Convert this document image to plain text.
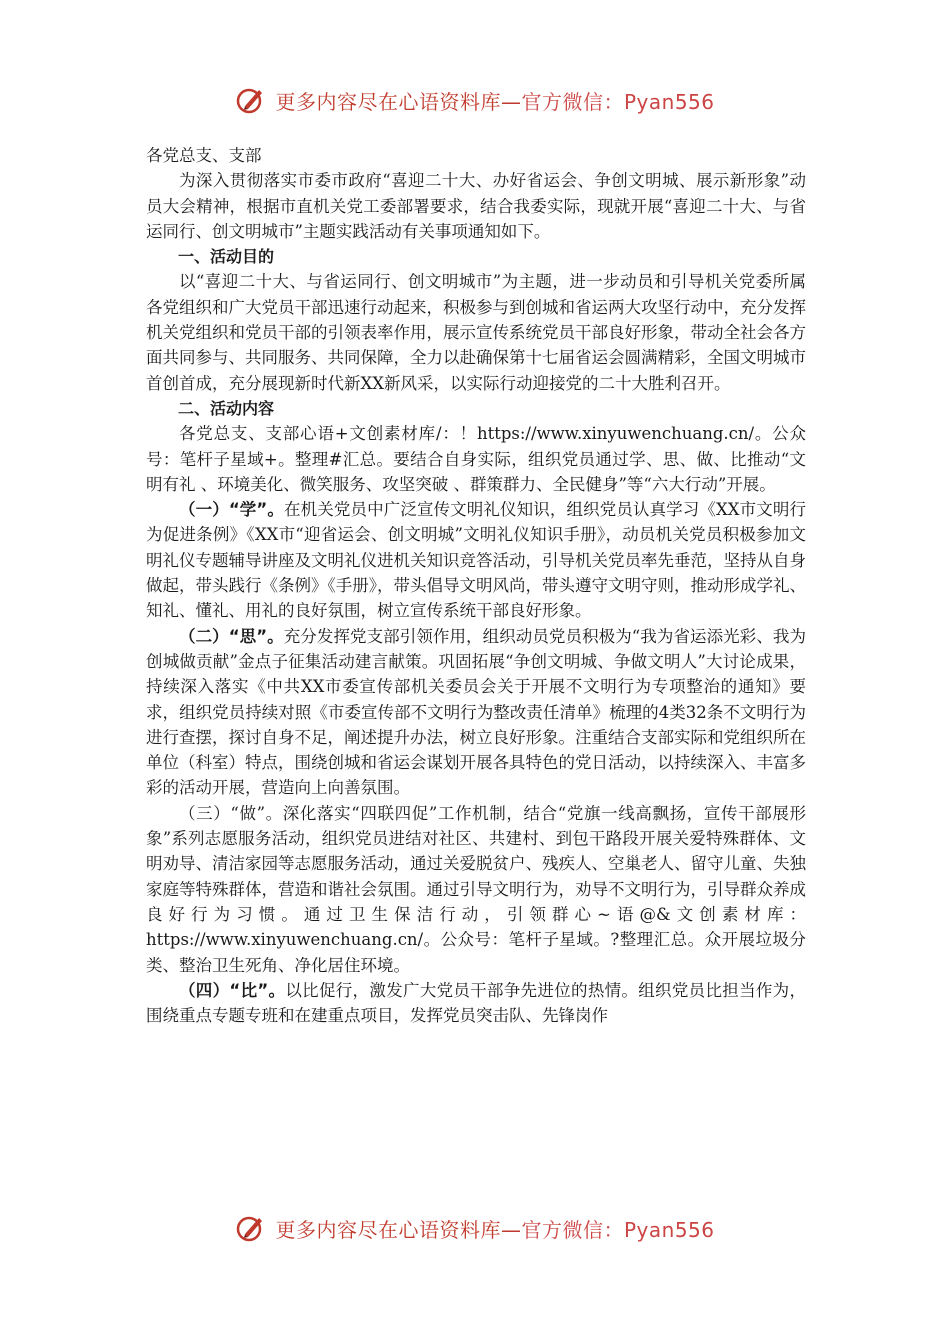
更多内容尽在心语资料库—官方微信：Pyan556

各党总支、支部

为深入贯彻落实市委市政府“喜迎二十大、办好省运会、争创文明城、展示新形象”动员大会精神，根据市直机关党工委部署要求，结合我委实际，现就开展“喜迎二十大、与省运同行、创文明城市”主题实践活动有关事项通知如下。

一、活动目的

以“喜迎二十大、与省运同行、创文明城市”为主题，进一步动员和引导机关党委所属各党组织和广大党员干部迅速行动起来，积极参与到创城和省运两大攻坚行动中，充分发挥机关党组织和党员干部的引领表率作用，展示宣传系统党员干部良好形象，带动全社会各方面共同参与、共同服务、共同保障，全力以赴确保第十七届省运会圆满精彩，全国文明城市首创首成，充分展现新时代新XX新风采，以实际行动迎接党的二十大胜利召开。

二、活动内容

各党总支、支部心语+文创素材库/：！https://www.xinyuwenchuang.cn/。公众号：笔杆子星域+。整理#汇总。要结合自身实际，组织党员通过学、思、做、比推动“文明有礼 、环境美化、微笑服务、攻坚突破 、群策群力、全民健身”等“六大行动”开展。

（一）“学”。在机关党员中广泛宣传文明礼仪知识，组织党员认真学习《XX市文明行为促进条例》《XX市“迎省运会、创文明城”文明礼仪知识手册》，动员机关党员积极参加文明礼仪专题辅导讲座及文明礼仪进机关知识竞答活动，引导机关党员率先垂范，坚持从自身做起，带头践行《条例》《手册》，带头倡导文明风尚，带头遵守文明守则，推动形成学礼、知礼、懂礼、用礼的良好氛围，树立宣传系统干部良好形象。

（二）“思”。充分发挥党支部引领作用，组织动员党员积极为“我为省运添光彩、我为创城做贡献”金点子征集活动建言献策。巩固拓展“争创文明城、争做文明人”大讨论成果，持续深入落实《中共XX市委宣传部机关委员会关于开展不文明行为专项整治的通知》要求，组织党员持续对照《市委宣传部不文明行为整改责任清单》梳理的4类32条不文明行为进行查摆，探讨自身不足，阐述提升办法，树立良好形象。注重结合支部实际和党组织所在单位（科室）特点，围绕创城和省运会谋划开展各具特色的党日活动，以持续深入、丰富多彩的活动开展，营造向上向善氛围。

（三）“做”。深化落实“四联四促”工作机制，结合“党旗一线高飘扬，宣传干部展形象”系列志愿服务活动，组织党员进结对社区、共建村、到包干路段开展关爱特殊群体、文明劝导、清洁家园等志愿服务活动，通过关爱脱贫户、残疾人、空巢老人、留守儿童、失独家庭等特殊群体，营造和谐社会氛围。通过引导文明行为，劝导不文明行为，引导群众养成良好行为习惯。通过卫生保洁行动，引领群心~语@&文创素材库：https://www.xinyuwenchuang.cn/。公众号：笔杆子星域。?整理汇总。众开展垃圾分类、整治卫生死角、净化居住环境。

（四）“比”。以比促行，激发广大党员干部争先进位的热情。组织党员比担当作为，围绕重点专题专班和在建重点项目，发挥党员突击队、先锋岗作

更多内容尽在心语资料库—官方微信：Pyan556
